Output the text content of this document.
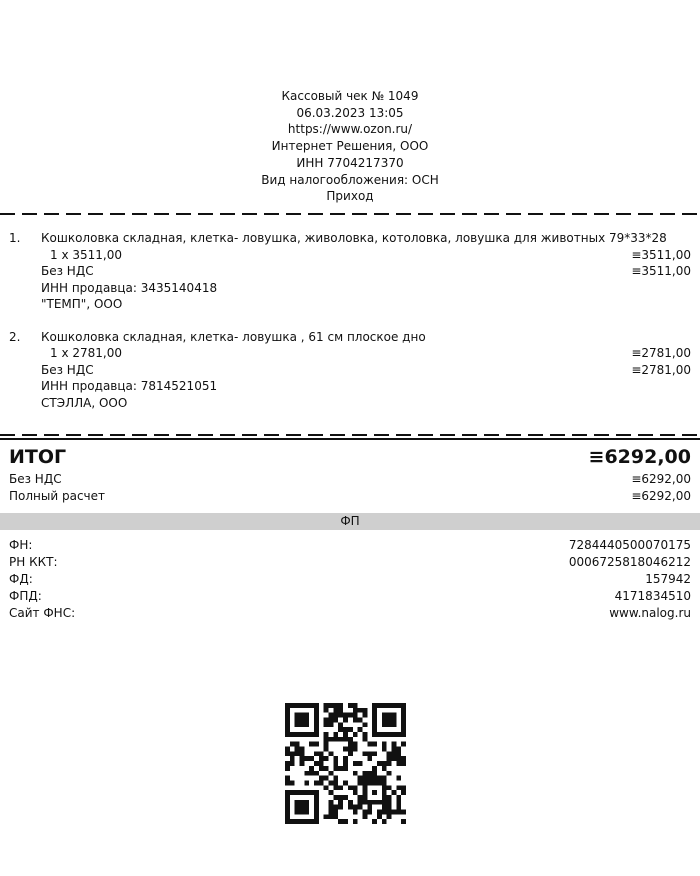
Кассовый чек № 1049
06.03.2023 13:05
https://www.ozon.ru/
Интернет Решения, ООО
ИНН 7704217370
Вид налогообложения: ОСН
Приход
1. Кошколовка складная, клетка- ловушка, живоловка, котоловка, ловушка для животных 79*33*28
1 x 3511,00	≡3511,00
Без НДС	≡3511,00
ИНН продавца: 3435140418
"ТЕМП", ООО
2. Кошколовка складная, клетка- ловушка , 61 см плоское дно
1 x 2781,00	≡2781,00
Без НДС	≡2781,00
ИНН продавца: 7814521051
СТЭЛЛА, ООО
ИТОГ	≡6292,00
Без НДС	≡6292,00
Полный расчет	≡6292,00
ФП
ФН:	7284440500070175
РН ККТ:	0006725818046212
ФД:	157942
ФПД:	4171834510
Сайт ФНС:	www.nalog.ru
